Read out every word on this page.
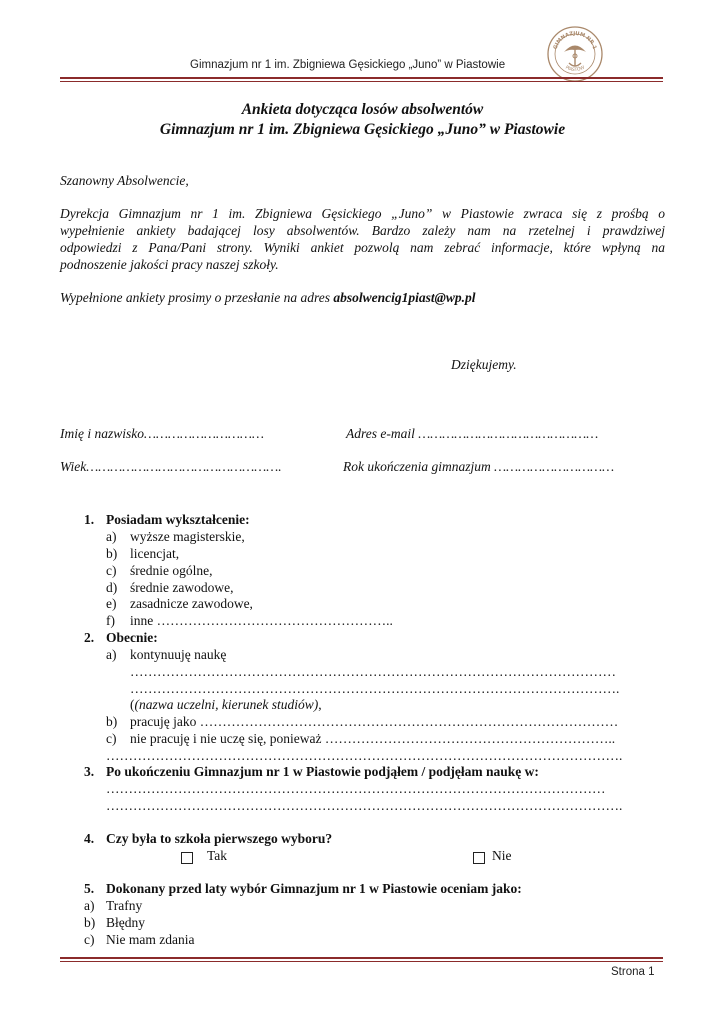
Gimnazjum nr 1 im. Zbigniewa Gęsickiego „Juno” w Piastowie
GIMNAZJUM NR 1
PIASTÓW
Ankieta dotycząca losów absolwentów
Gimnazjum nr 1 im. Zbigniewa Gęsickiego „Juno” w Piastowie
Szanowny Absolwencie,
Dyrekcja Gimnazjum nr 1 im. Zbigniewa Gęsickiego „Juno” w Piastowie zwraca się z prośbą o
wypełnienie ankiety badającej losy absolwentów. Bardzo zależy nam na rzetelnej i prawdziwej
odpowiedzi z Pana/Pani strony. Wyniki ankiet pozwolą nam zebrać informacje, które wpłyną na
podnoszenie jakości pracy naszej szkoły.
Wypełnione ankiety prosimy o przesłanie na adres absolwencig1piast@wp.pl
Dziękujemy.
Imię i nazwisko…………………………	Adres e-mail ………………………………………
Wiek………………………………………….	Rok ukończenia gimnazjum …………………………
1. Posiadam wykształcenie:
a) wyższe magisterskie,
b) licencjat,
c) średnie ogólne,
d) średnie zawodowe,
e) zasadnicze zawodowe,
f) inne ……………………………………………..
2. Obecnie:
a) kontynuuję naukę
………………………………………………………………………………………………
……………………………………………………………………………………………….
((nazwa uczelni, kierunek studiów),
b) pracuję jako …………………………………………………………………………………
c) nie pracuję i nie uczę się, ponieważ ………………………………………………………..
…………………………………………………………………………………………………….
3. Po ukończeniu Gimnazjum nr 1 w Piastowie podjąłem / podjęłam naukę w:
…………………………………………………………………………………………………
…………………………………………………………………………………………………….
4. Czy była to szkoła pierwszego wyboru?
Tak	Nie
5. Dokonany przed laty wybór Gimnazjum nr 1 w Piastowie oceniam jako:
a) Trafny
b) Błędny
c) Nie mam zdania
Strona 1
